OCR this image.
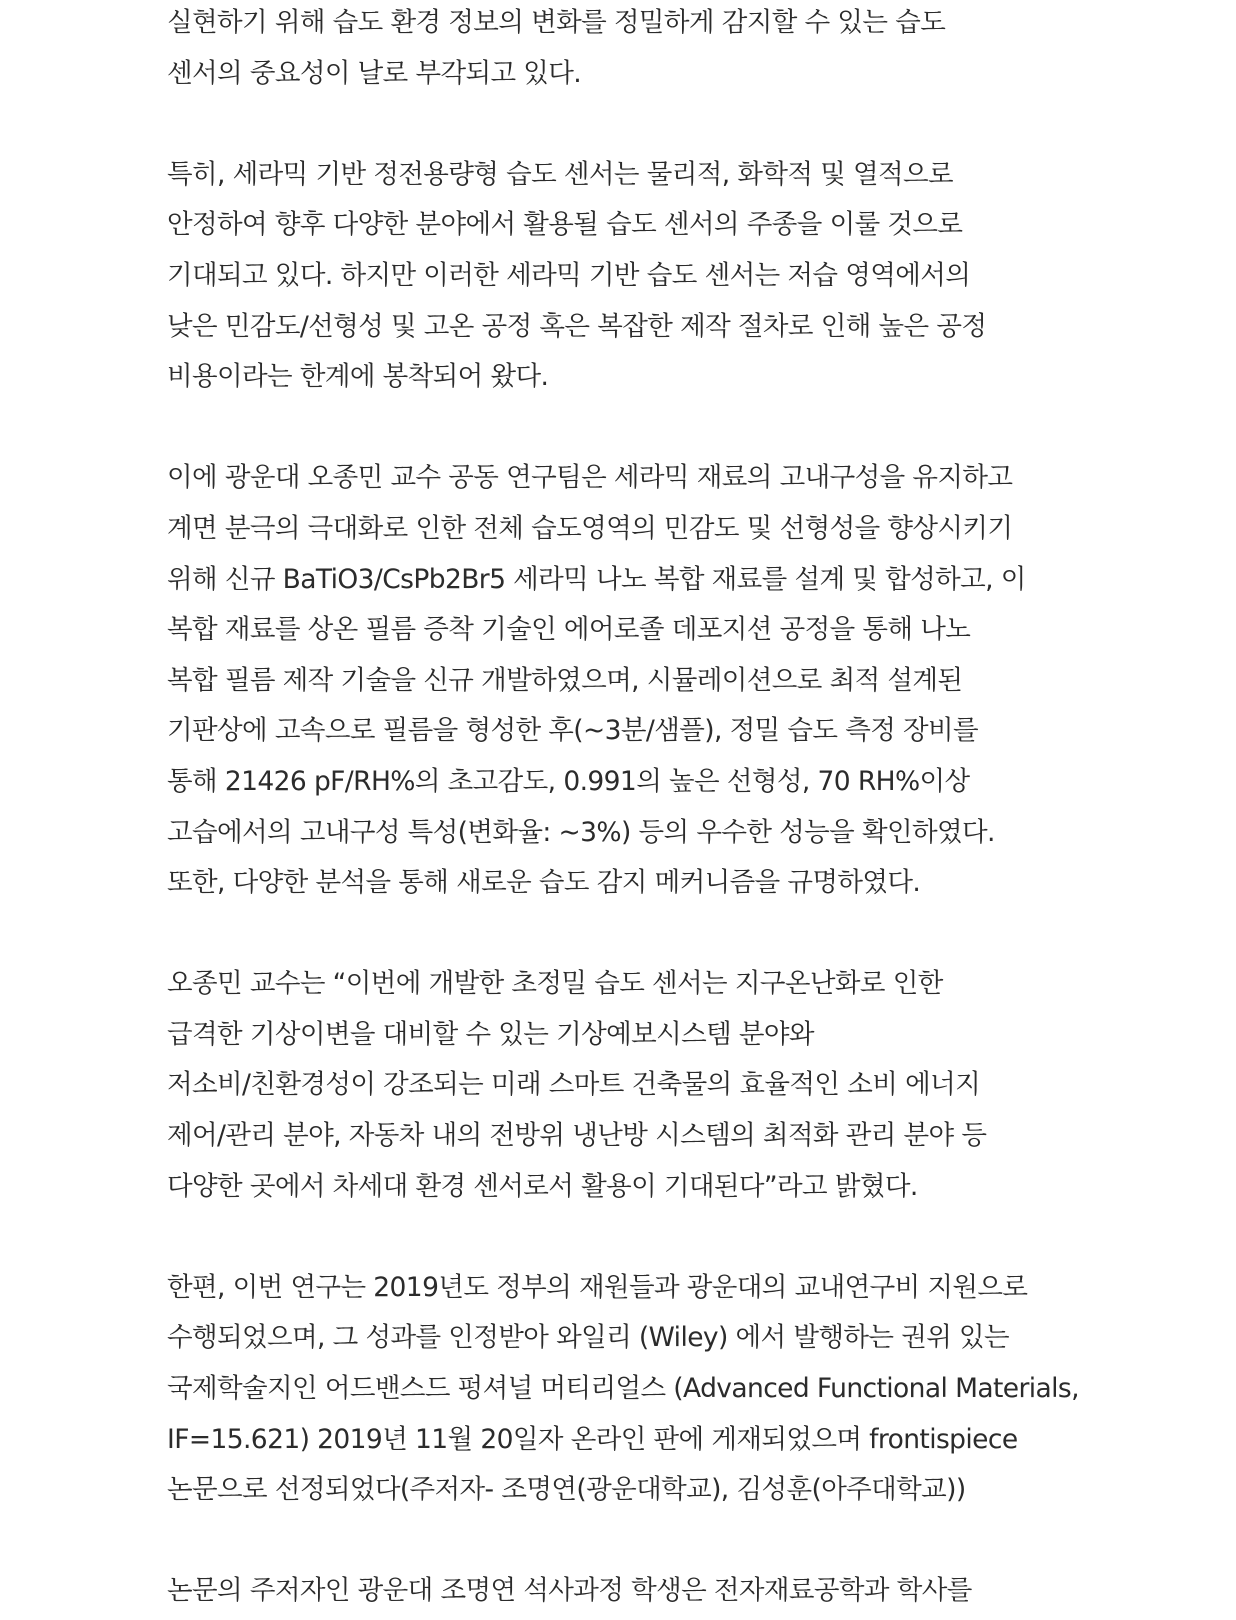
실현하기 위해 습도 환경 정보의 변화를 정밀하게 감지할 수 있는 습도
센서의 중요성이 날로 부각되고 있다.
특히, 세라믹 기반 정전용량형 습도 센서는 물리적, 화학적 및 열적으로
안정하여 향후 다양한 분야에서 활용될 습도 센서의 주종을 이룰 것으로
기대되고 있다. 하지만 이러한 세라믹 기반 습도 센서는 저습 영역에서의
낮은 민감도/선형성 및 고온 공정 혹은 복잡한 제작 절차로 인해 높은 공정
비용이라는 한계에 봉착되어 왔다.
이에 광운대 오종민 교수 공동 연구팀은 세라믹 재료의 고내구성을 유지하고
계면 분극의 극대화로 인한 전체 습도영역의 민감도 및 선형성을 향상시키기
위해 신규 BaTiO3/CsPb2Br5 세라믹 나노 복합 재료를 설계 및 합성하고, 이
복합 재료를 상온 필름 증착 기술인 에어로졸 데포지션 공정을 통해 나노
복합 필름 제작 기술을 신규 개발하였으며, 시뮬레이션으로 최적 설계된
기판상에 고속으로 필름을 형성한 후(~3분/샘플), 정밀 습도 측정 장비를
통해 21426 pF/RH%의 초고감도, 0.991의 높은 선형성, 70 RH%이상
고습에서의 고내구성 특성(변화율: ~3%) 등의 우수한 성능을 확인하였다.
또한, 다양한 분석을 통해 새로운 습도 감지 메커니즘을 규명하였다.
오종민 교수는 “이번에 개발한 초정밀 습도 센서는 지구온난화로 인한
급격한 기상이변을 대비할 수 있는 기상예보시스템 분야와
저소비/친환경성이 강조되는 미래 스마트 건축물의 효율적인 소비 에너지
제어/관리 분야, 자동차 내의 전방위 냉난방 시스템의 최적화 관리 분야 등
다양한 곳에서 차세대 환경 센서로서 활용이 기대된다”라고 밝혔다.
한편, 이번 연구는 2019년도 정부의 재원들과 광운대의 교내연구비 지원으로
수행되었으며, 그 성과를 인정받아 와일리 (Wiley) 에서 발행하는 권위 있는
국제학술지인 어드밴스드 펑셔널 머티리얼스 (Advanced Functional Materials,
IF=15.621) 2019년 11월 20일자 온라인 판에 게재되었으며 frontispiece
논문으로 선정되었다(주저자- 조명연(광운대학교), 김성훈(아주대학교))
논문의 주저자인 광운대 조명연 석사과정 학생은 전자재료공학과 학사를
